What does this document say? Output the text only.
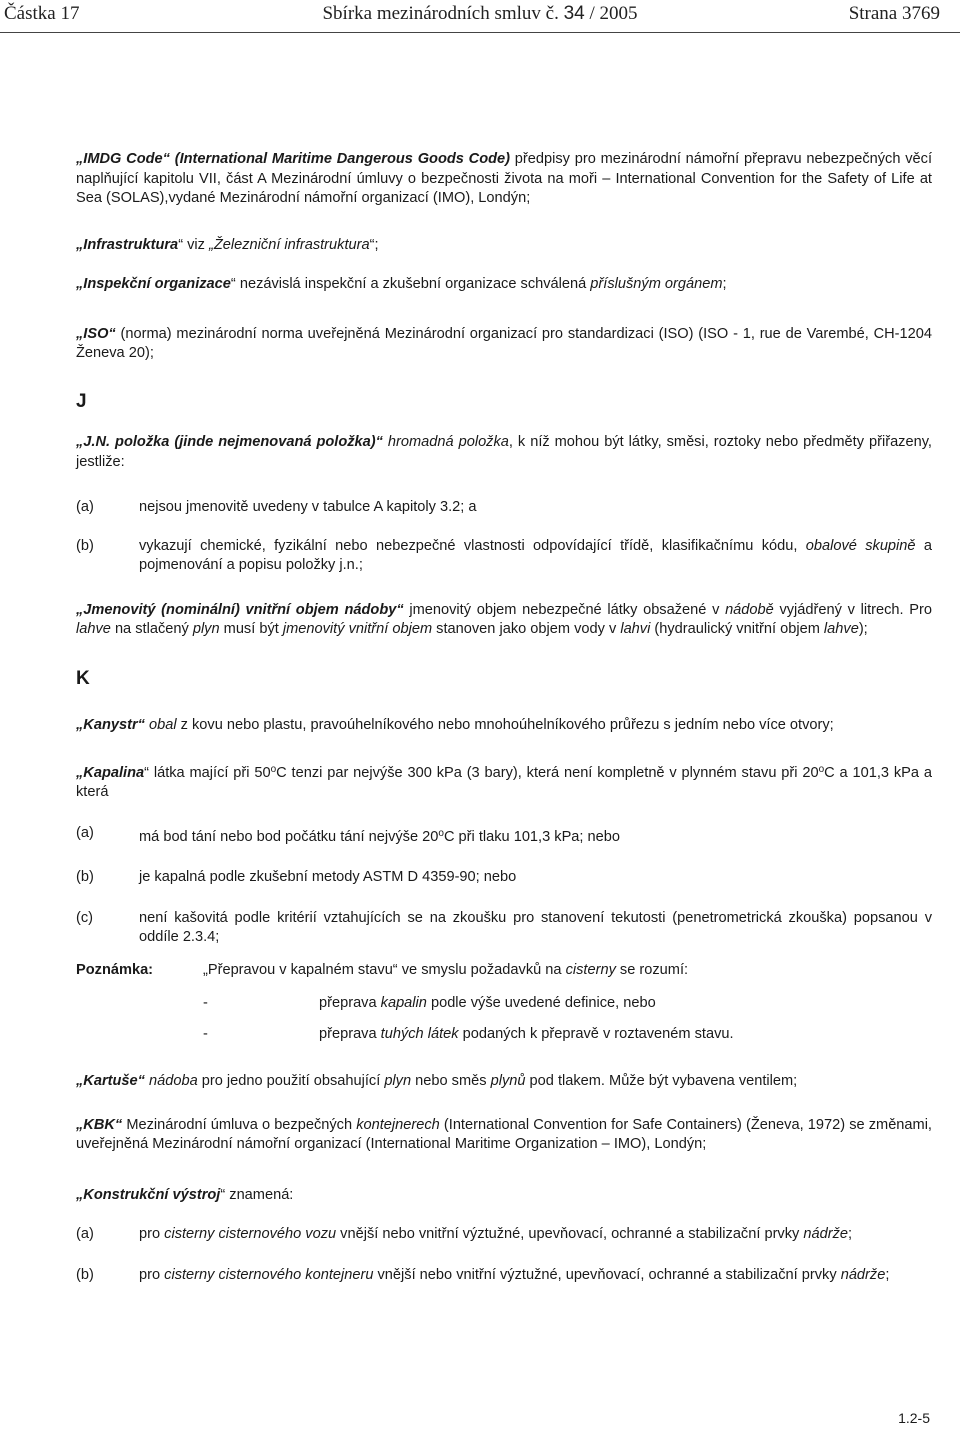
Částka 17	Sbírka mezinárodních smluv č. 34 / 2005	Strana 3769
„IMDG Code“ (International Maritime Dangerous Goods Code) předpisy pro mezinárodní námořní přepravu nebezpečných věcí naplňující kapitolu VII, část A Mezinárodní úmluvy o bezpečnosti života na moři – International Convention for the Safety of Life at Sea (SOLAS),vydané Mezinárodní námořní organizací (IMO), Londýn;
„Infrastruktura“ viz „Železniční infrastruktura“;
„Inspekční organizace“ nezávislá inspekční a zkušební organizace schválená příslušným orgánem;
„ISO“ (norma) mezinárodní norma uveřejněná Mezinárodní organizací pro standardizaci (ISO) (ISO - 1, rue de Varembé, CH-1204 Ženeva 20);
J
„J.N. položka (jinde nejmenovaná položka)“ hromadná položka, k níž mohou být látky, směsi, roztoky nebo předměty přiřazeny, jestliže:
(a)	nejsou jmenovitě uvedeny v tabulce A kapitoly 3.2; a
(b)	vykazují chemické, fyzikální nebo nebezpečné vlastnosti odpovídající třídě, klasifikačnímu kódu, obalové skupině a pojmenování a popisu položky j.n.;
„Jmenovitý (nominální) vnitřní objem nádoby“ jmenovitý objem nebezpečné látky obsažené v nádobě vyjádřený v litrech. Pro lahve na stlačený plyn musí být jmenovitý vnitřní objem stanoven jako objem vody v lahvi (hydraulický vnitřní objem lahve);
K
„Kanystr“ obal z kovu nebo plastu, pravoúhelníkového nebo mnohoúhelníkového průřezu s jedním nebo více otvory;
„Kapalina“ látka mající při 50$^o$C tenzi par nejvýše 300 kPa (3 bary), která není kompletně v plynném stavu při 20$^o$C a 101,3 kPa a která
(a)	má bod tání nebo bod počátku tání nejvýše 20$^o$C při tlaku 101,3 kPa; nebo
(b)	je kapalná podle zkušební metody ASTM D 4359-90; nebo
(c)	není kašovitá podle kritérií vztahujících se na zkoušku pro stanovení tekutosti (penetrometrická zkouška) popsanou v oddíle 2.3.4;
Poznámka:	„Přepravou v kapalném stavu“ ve smyslu požadavků na cisterny se rozumí:
-	přeprava kapalin podle výše uvedené definice, nebo
-	přeprava tuhých látek podaných k přepravě v roztaveném stavu.
„Kartuše“ nádoba pro jedno použití obsahující plyn nebo směs plynů pod tlakem. Může být vybavena ventilem;
„KBK“ Mezinárodní úmluva o bezpečných kontejnerech (International Convention for Safe Containers) (Ženeva, 1972) se změnami, uveřejněná Mezinárodní námořní organizací (International Maritime Organization – IMO), Londýn;
„Konstrukční výstroj“ znamená:
(a)	pro cisterny cisternového vozu vnější nebo vnitřní výztužné, upevňovací, ochranné a stabilizační prvky nádrže;
(b)	pro cisterny cisternového kontejneru vnější nebo vnitřní výztužné, upevňovací, ochranné a stabilizační prvky nádrže;
1.2-5
